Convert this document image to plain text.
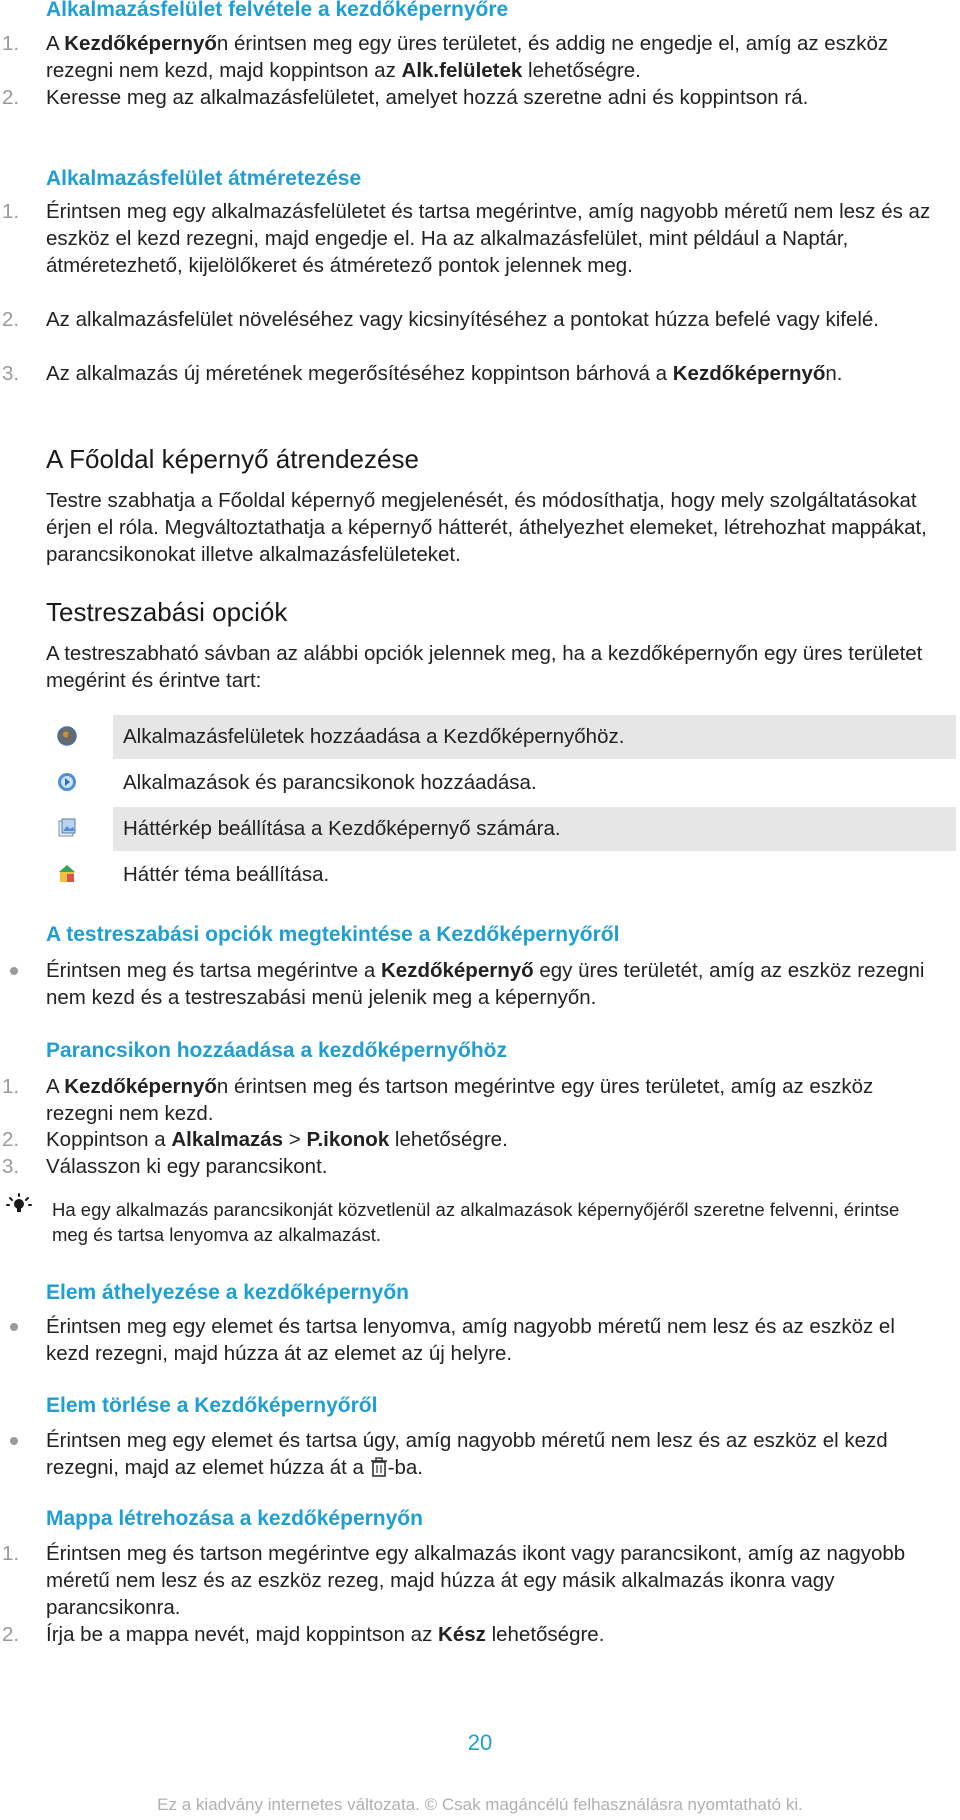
Alkalmazásfelület felvétele a kezdőképernyőre
1.	A Kezdőképernyőn érintsen meg egy üres területet, és addig ne engedje el, amíg az eszköz rezegni nem kezd, majd koppintson az Alk.felületek lehetőségre.
2.	Keresse meg az alkalmazásfelületet, amelyet hozzá szeretne adni és koppintson rá.
Alkalmazásfelület átméretezése
1.	Érintsen meg egy alkalmazásfelületet és tartsa megérintve, amíg nagyobb méretű nem lesz és az eszköz el kezd rezegni, majd engedje el. Ha az alkalmazásfelület, mint például a Naptár, átméretezhető, kijelölőkeret és átméretező pontok jelennek meg.
2.	Az alkalmazásfelület növeléséhez vagy kicsinyítéséhez a pontokat húzza befelé vagy kifelé.
3.	Az alkalmazás új méretének megerősítéséhez koppintson bárhová a Kezdőképernyőn.
A Főoldal képernyő átrendezése
Testre szabhatja a Főoldal képernyő megjelenését, és módosíthatja, hogy mely szolgáltatásokat érjen el róla. Megváltoztathatja a képernyő hátterét, áthelyezhet elemeket, létrehozhat mappákat, parancsikonokat illetve alkalmazásfelületeket.
Testreszabási opciók
A testreszabható sávban az alábbi opciók jelennek meg, ha a kezdőképernyőn egy üres területet megérint és érintve tart:
Alkalmazásfelületek hozzáadása a Kezdőképernyőhöz.
Alkalmazások és parancsikonok hozzáadása.
Háttérkép beállítása a Kezdőképernyő számára.
Háttér téma beállítása.
A testreszabási opciók megtekintése a Kezdőképernyőről
Érintsen meg és tartsa megérintve a Kezdőképernyő egy üres területét, amíg az eszköz rezegni nem kezd és a testreszabási menü jelenik meg a képernyőn.
Parancsikon hozzáadása a kezdőképernyőhöz
1.	A Kezdőképernyőn érintsen meg és tartson megérintve egy üres területet, amíg az eszköz rezegni nem kezd.
2.	Koppintson a Alkalmazás > P.ikonok lehetőségre.
3.	Válasszon ki egy parancsikont.
Ha egy alkalmazás parancsikonját közvetlenül az alkalmazások képernyőjéről szeretne felvenni, érintse meg és tartsa lenyomva az alkalmazást.
Elem áthelyezése a kezdőképernyőn
Érintsen meg egy elemet és tartsa lenyomva, amíg nagyobb méretű nem lesz és az eszköz el kezd rezegni, majd húzza át az elemet az új helyre.
Elem törlése a Kezdőképernyőről
Érintsen meg egy elemet és tartsa úgy, amíg nagyobb méretű nem lesz és az eszköz el kezd rezegni, majd az elemet húzza át a -ba.
Mappa létrehozása a kezdőképernyőn
1.	Érintsen meg és tartson megérintve egy alkalmazás ikont vagy parancsikont, amíg az nagyobb méretű nem lesz és az eszköz rezeg, majd húzza át egy másik alkalmazás ikonra vagy parancsikonra.
2.	Írja be a mappa nevét, majd koppintson az Kész lehetőségre.
20
Ez a kiadvány internetes változata. © Csak magáncélú felhasználásra nyomtatható ki.
